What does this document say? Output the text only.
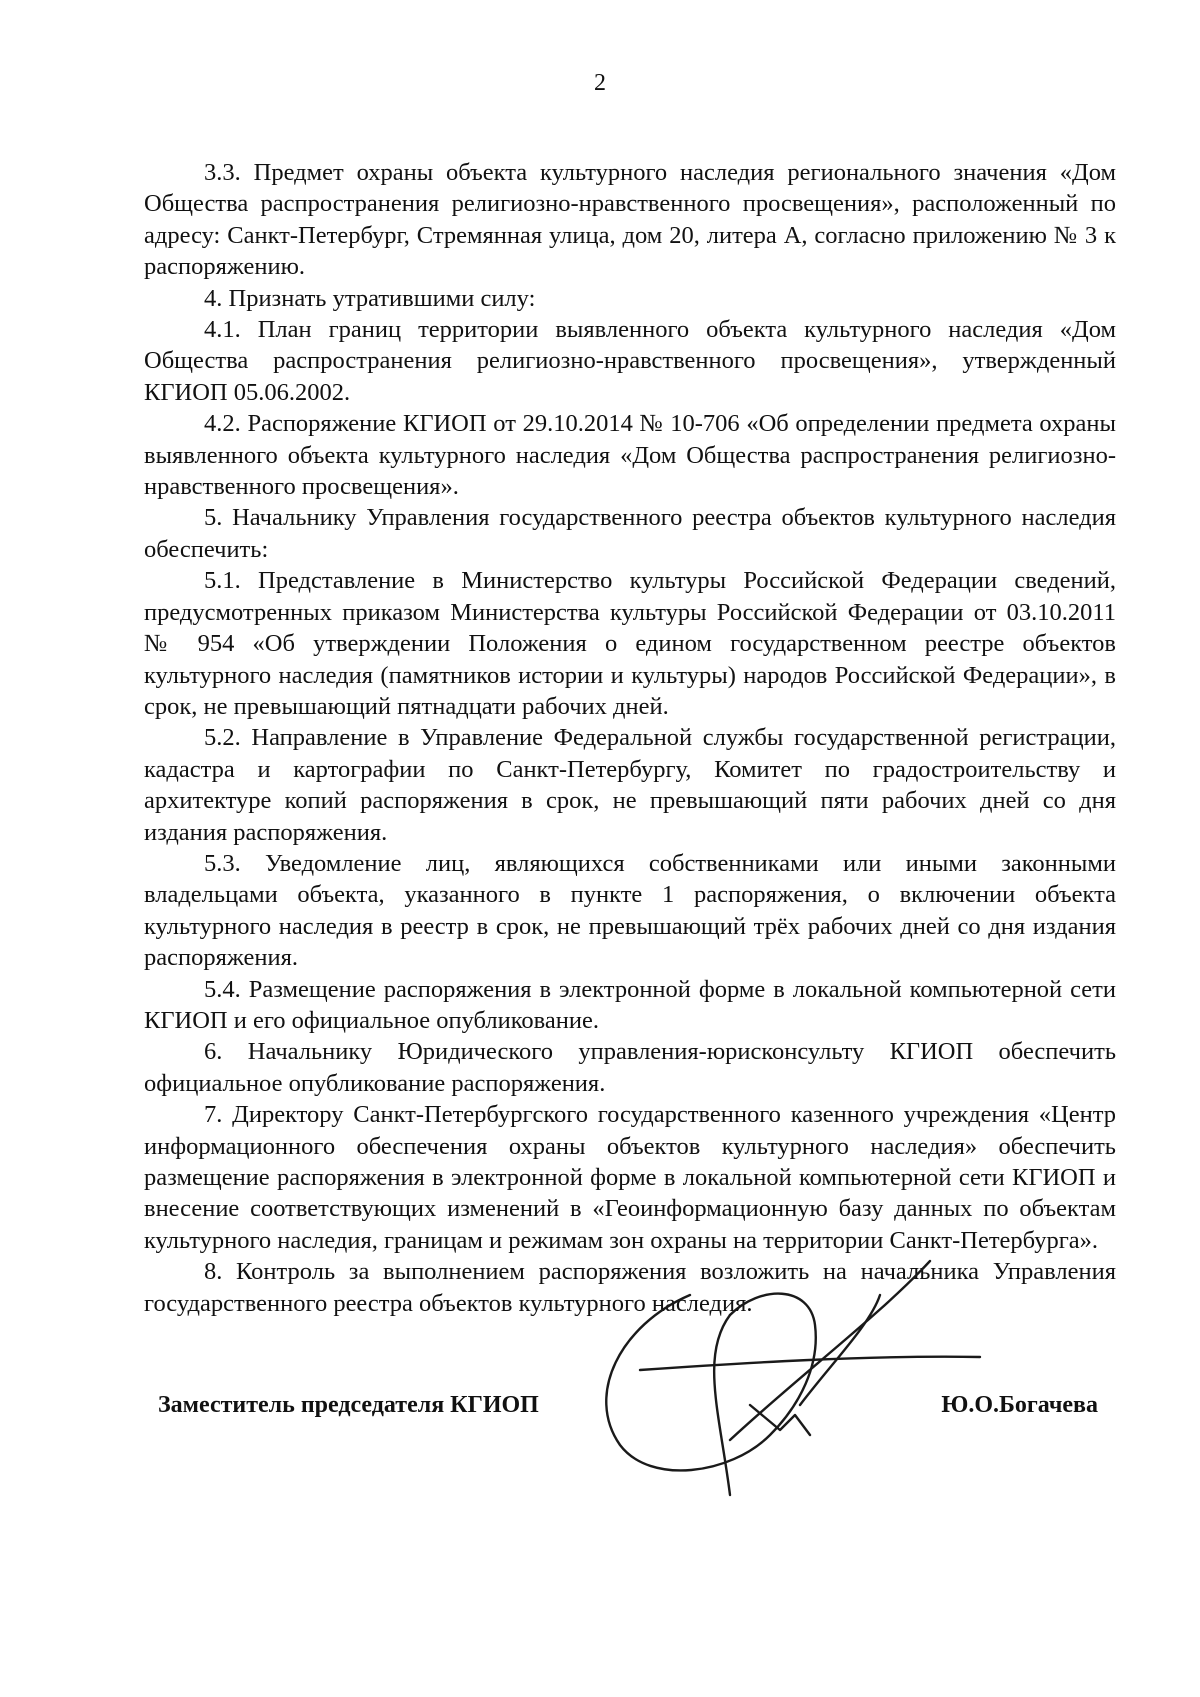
2

3.3. Предмет охраны объекта культурного наследия регионального значения «Дом Общества распространения религиозно-нравственного просвещения», расположенный по адресу: Санкт-Петербург, Стремянная улица, дом 20, литера А, согласно приложению № 3 к распоряжению.

4. Признать утратившими силу:

4.1. План границ территории выявленного объекта культурного наследия «Дом Общества распространения религиозно-нравственного просвещения», утвержденный КГИОП 05.06.2002.

4.2. Распоряжение КГИОП от 29.10.2014 № 10-706 «Об определении предмета охраны выявленного объекта культурного наследия «Дом Общества распространения религиозно-нравственного просвещения».

5. Начальнику Управления государственного реестра объектов культурного наследия обеспечить:

5.1. Представление в Министерство культуры Российской Федерации сведений, предусмотренных приказом Министерства культуры Российской Федерации от 03.10.2011 № 954 «Об утверждении Положения о едином государственном реестре объектов культурного наследия (памятников истории и культуры) народов Российской Федерации», в срок, не превышающий пятнадцати рабочих дней.

5.2. Направление в Управление Федеральной службы государственной регистрации, кадастра и картографии по Санкт-Петербургу, Комитет по градостроительству и архитектуре копий распоряжения в срок, не превышающий пяти рабочих дней со дня издания распоряжения.

5.3. Уведомление лиц, являющихся собственниками или иными законными владельцами объекта, указанного в пункте 1 распоряжения, о включении объекта культурного наследия в реестр в срок, не превышающий трёх рабочих дней со дня издания распоряжения.

5.4. Размещение распоряжения в электронной форме в локальной компьютерной сети КГИОП и его официальное опубликование.

6. Начальнику Юридического управления-юрисконсульту КГИОП обеспечить официальное опубликование распоряжения.

7. Директору Санкт-Петербургского государственного казенного учреждения «Центр информационного обеспечения охраны объектов культурного наследия» обеспечить размещение распоряжения в электронной форме в локальной компьютерной сети КГИОП и внесение соответствующих изменений в «Геоинформационную базу данных по объектам культурного наследия, границам и режимам зон охраны на территории Санкт-Петербурга».

8. Контроль за выполнением распоряжения возложить на начальника Управления государственного реестра объектов культурного наследия.

Заместитель председателя КГИОП	Ю.О.Богачева
